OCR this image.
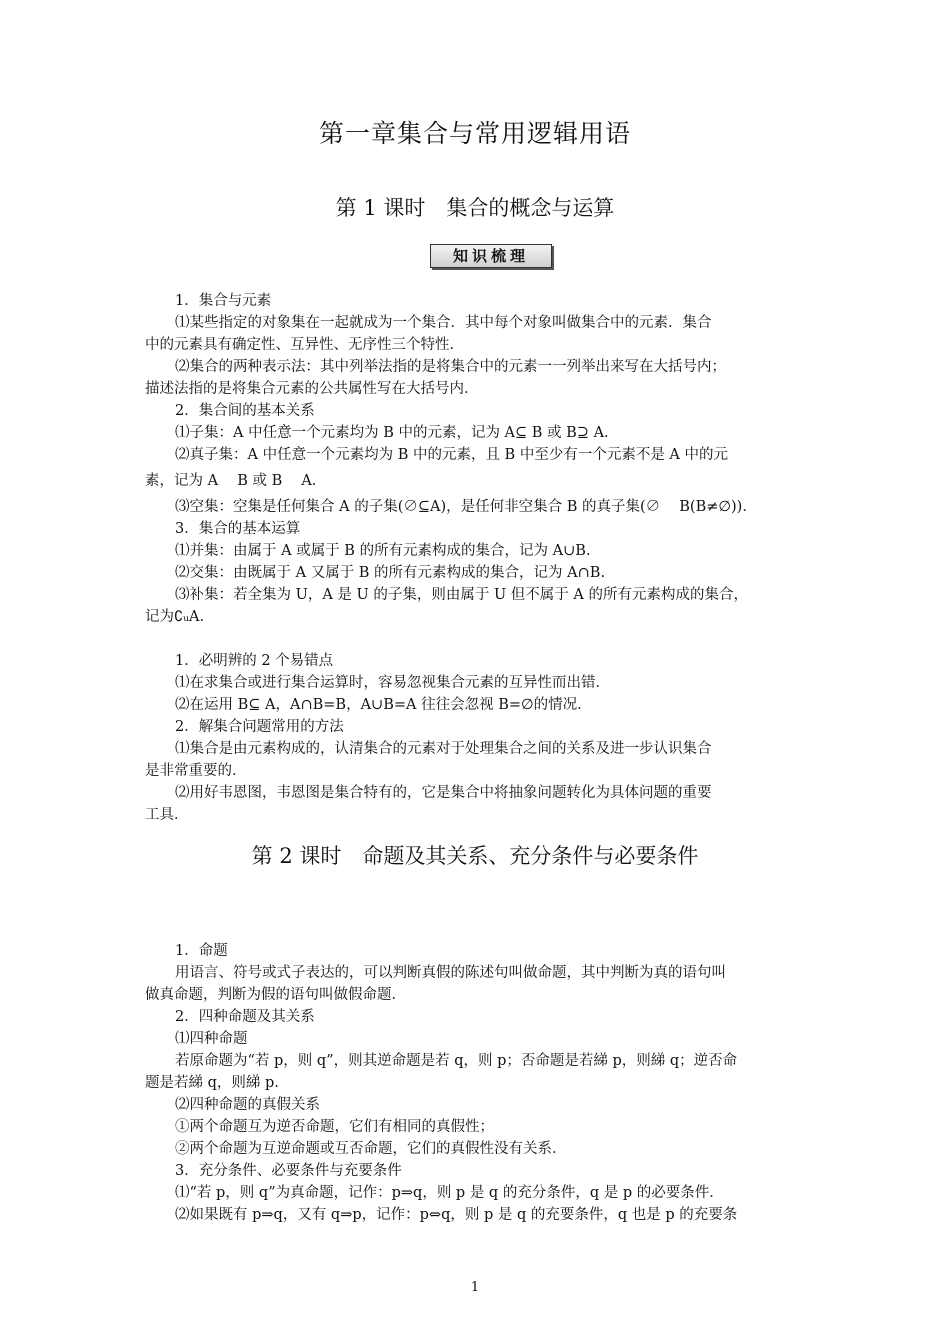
第一章集合与常用逻辑用语
第 1 课时　集合的概念与运算
知识梳理
1．集合与元素
⑴某些指定的对象集在一起就成为一个集合．其中每个对象叫做集合中的元素．集合
中的元素具有确定性、互异性、无序性三个特性．
⑵集合的两种表示法：其中列举法指的是将集合中的元素一一列举出来写在大括号内；
描述法指的是将集合元素的公共属性写在大括号内．
2．集合间的基本关系
⑴子集：A 中任意一个元素均为 B 中的元素，记为 A⊆ B 或 B⊇ A.
⑵真子集：A 中任意一个元素均为 B 中的元素，且 B 中至少有一个元素不是 A 中的元
素，记为 A　 B 或 B　 A.
⑶空集：空集是任何集合 A 的子集(∅⊆A)，是任何非空集合 B 的真子集(∅　 B(B≠∅))．
3．集合的基本运算
⑴并集：由属于 A 或属于 B 的所有元素构成的集合，记为 A∪B.
⑵交集：由既属于 A 又属于 B 的所有元素构成的集合，记为 A∩B.
⑶补集：若全集为 U，A 是 U 的子集，则由属于 U 但不属于 A 的所有元素构成的集合，
记为∁ᵤA.
1．必明辨的 2 个易错点
⑴在求集合或进行集合运算时，容易忽视集合元素的互异性而出错．
⑵在运用 B⊆ A，A∩B=B，A∪B=A 往往会忽视 B=∅的情况．
2．解集合问题常用的方法
⑴集合是由元素构成的，认清集合的元素对于处理集合之间的关系及进一步认识集合
是非常重要的．
⑵用好韦恩图，韦恩图是集合特有的，它是集合中将抽象问题转化为具体问题的重要
工具．
第 2 课时　命题及其关系、充分条件与必要条件
1．命题
用语言、符号或式子表达的，可以判断真假的陈述句叫做命题，其中判断为真的语句叫
做真命题，判断为假的语句叫做假命题．
2．四种命题及其关系
⑴四种命题
若原命题为“若 p，则 q”，则其逆命题是若 q，则 p；否命题是若綈 p，则綈 q；逆否命
题是若綈 q，则綈 p.
⑵四种命题的真假关系
①两个命题互为逆否命题，它们有相同的真假性；
②两个命题为互逆命题或互否命题，它们的真假性没有关系．
3．充分条件、必要条件与充要条件
⑴“若 p，则 q”为真命题，记作：p⇒q，则 p 是 q 的充分条件，q 是 p 的必要条件．
⑵如果既有 p⇒q，又有 q⇒p，记作：p⇔q，则 p 是 q 的充要条件，q 也是 p 的充要条
1
